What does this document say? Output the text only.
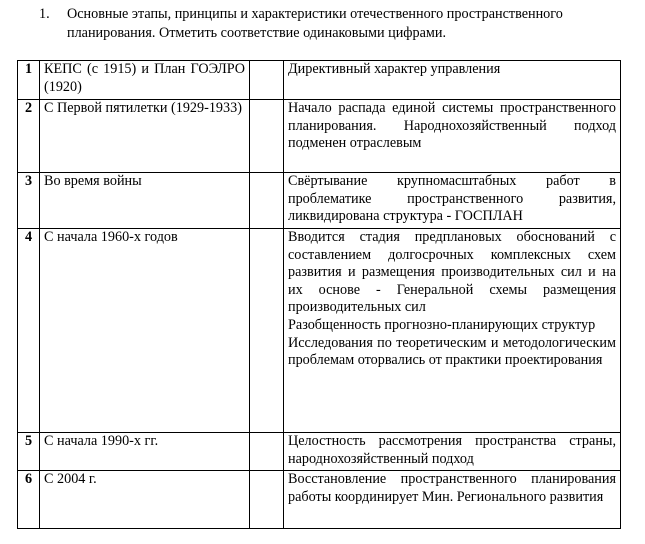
1.	Основные этапы, принципы и характеристики отечественного пространственного планирования. Отметить соответствие одинаковыми цифрами.
1	КЕПС (с 1915) и План ГОЭЛРО (1920)		Директивный характер управления

2	С Первой пятилетки (1929-1933)		Начало распада единой системы пространственного планирования. Народнохозяйственный подход подменен отраслевым

3	Во время войны		Свёртывание крупномасштабных работ в проблематике пространственного развития, ликвидирована структура - ГОСПЛАН

4	С начала 1960-х годов		Вводится стадия предплановых обоснований с составлением долгосрочных комплексных схем развития и размещения производительных сил и на их основе - Генеральной схемы размещения производительных сил
Разобщенность прогнозно-планирующих структур
Исследования по теоретическим и методологическим проблемам оторвались от практики проектирования

5	С начала 1990-х гг.		Целостность рассмотрения пространства страны, народнохозяйственный подход

6	С 2004 г.		Восстановление пространственного планирования работы координирует Мин. Регионального развития
